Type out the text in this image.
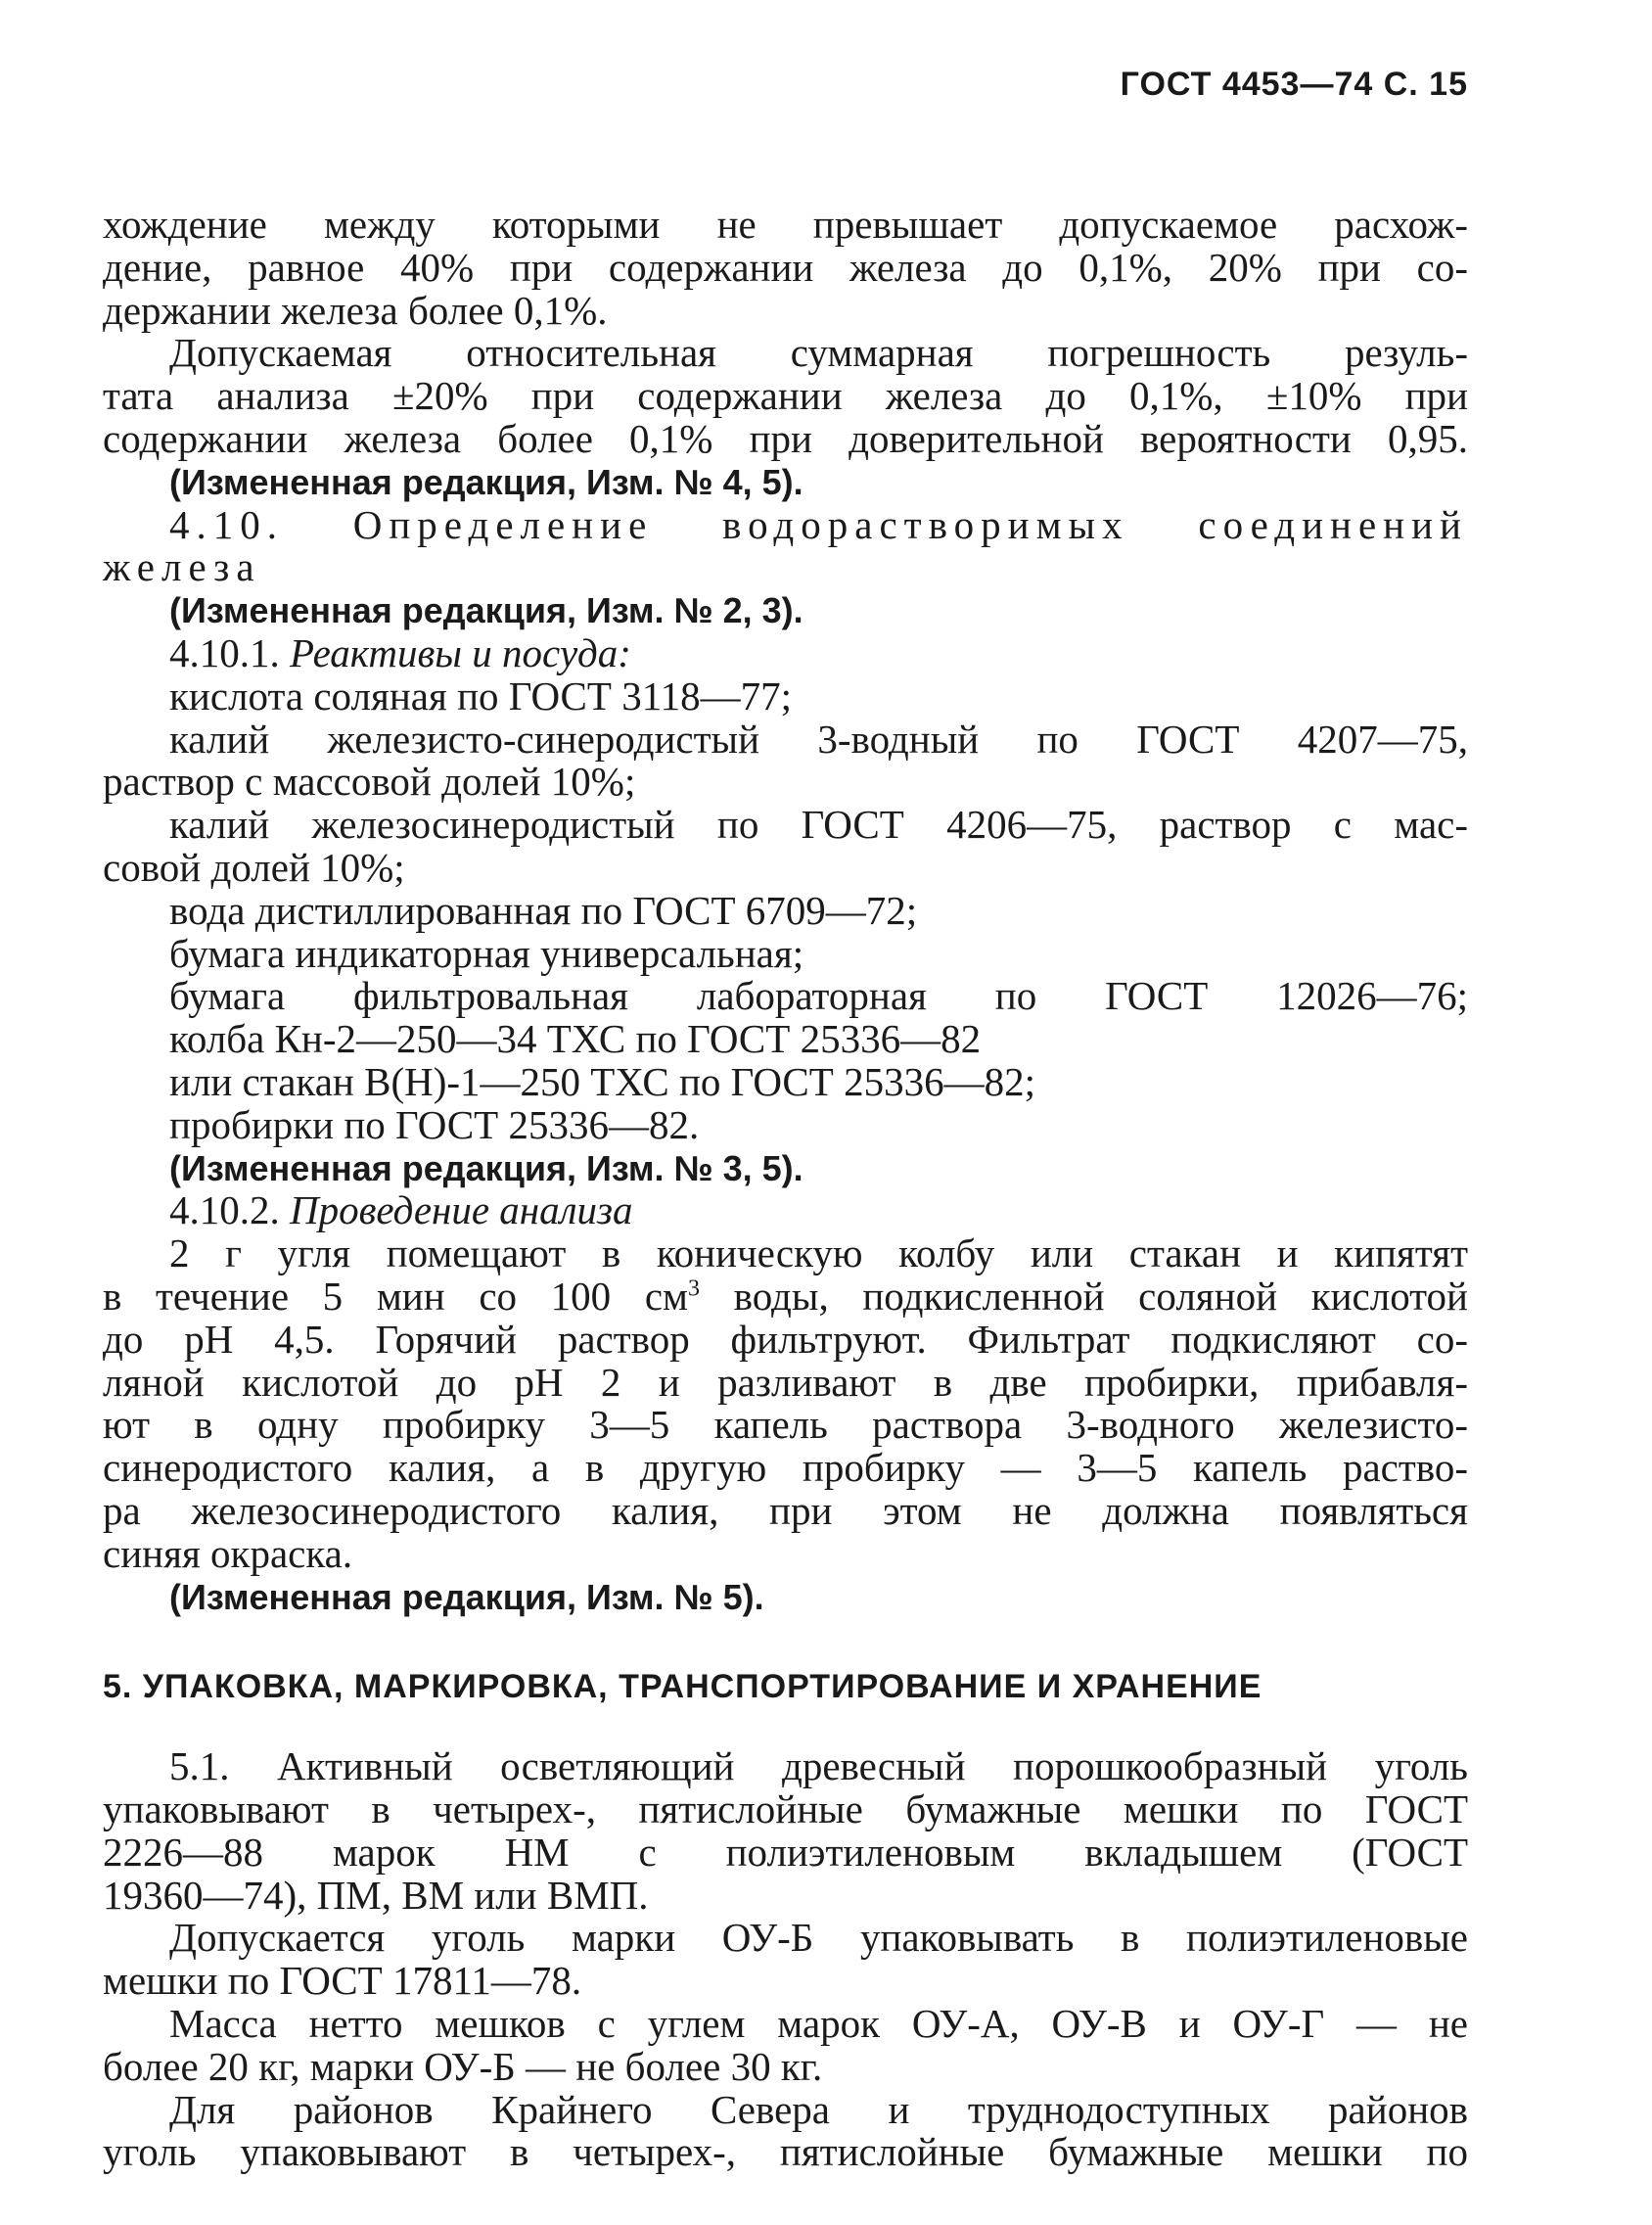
ГОСТ 4453—74 С. 15
хождение между которыми не превышает допускаемое расхож-
дение, равное 40% при содержании железа до 0,1%, 20% при со-
держании железа более 0,1%.
Допускаемая относительная суммарная погрешность резуль-
тата анализа ±20% при содержании железа до 0,1%, ±10% при
содержании железа более 0,1% при доверительной вероятности 0,95.
(Измененная редакция, Изм. № 4, 5).
4.10. Определение водорастворимых соединений
железа
(Измененная редакция, Изм. № 2, 3).
4.10.1. Реактивы и посуда:
кислота соляная по ГОСТ 3118—77;
калий железисто-синеродистый 3-водный по ГОСТ 4207—75,
раствор с массовой долей 10%;
калий железосинеродистый по ГОСТ 4206—75, раствор с мас-
совой долей 10%;
вода дистиллированная по ГОСТ 6709—72;
бумага индикаторная универсальная;
бумага фильтровальная лабораторная по ГОСТ 12026—76;
колба Кн-2—250—34 ТХС по ГОСТ 25336—82
или стакан В(Н)-1—250 ТХС по ГОСТ 25336—82;
пробирки по ГОСТ 25336—82.
(Измененная редакция, Изм. № 3, 5).
4.10.2. Проведение анализа
2 г угля помещают в коническую колбу или стакан и кипятят
в течение 5 мин со 100 $см^3$ воды, подкисленной соляной кислотой
до рН 4,5. Горячий раствор фильтруют. Фильтрат подкисляют со-
ляной кислотой до рН 2 и разливают в две пробирки, прибавля-
ют в одну пробирку 3—5 капель раствора 3-водного железисто-
синеродистого калия, а в другую пробирку — 3—5 капель раство-
ра железосинеродистого калия, при этом не должна появляться
синяя окраска.
(Измененная редакция, Изм. № 5).
5. УПАКОВКА, МАРКИРОВКА, ТРАНСПОРТИРОВАНИЕ И ХРАНЕНИЕ
5.1. Активный осветляющий древесный порошкообразный уголь
упаковывают в четырех-, пятислойные бумажные мешки по ГОСТ
2226—88 марок НМ с полиэтиленовым вкладышем (ГОСТ
19360—74), ПМ, ВМ или ВМП.
Допускается уголь марки ОУ-Б упаковывать в полиэтиленовые
мешки по ГОСТ 17811—78.
Масса нетто мешков с углем марок ОУ-А, ОУ-В и ОУ-Г — не
более 20 кг, марки ОУ-Б — не более 30 кг.
Для районов Крайнего Севера и труднодоступных районов
уголь упаковывают в четырех-, пятислойные бумажные мешки по
